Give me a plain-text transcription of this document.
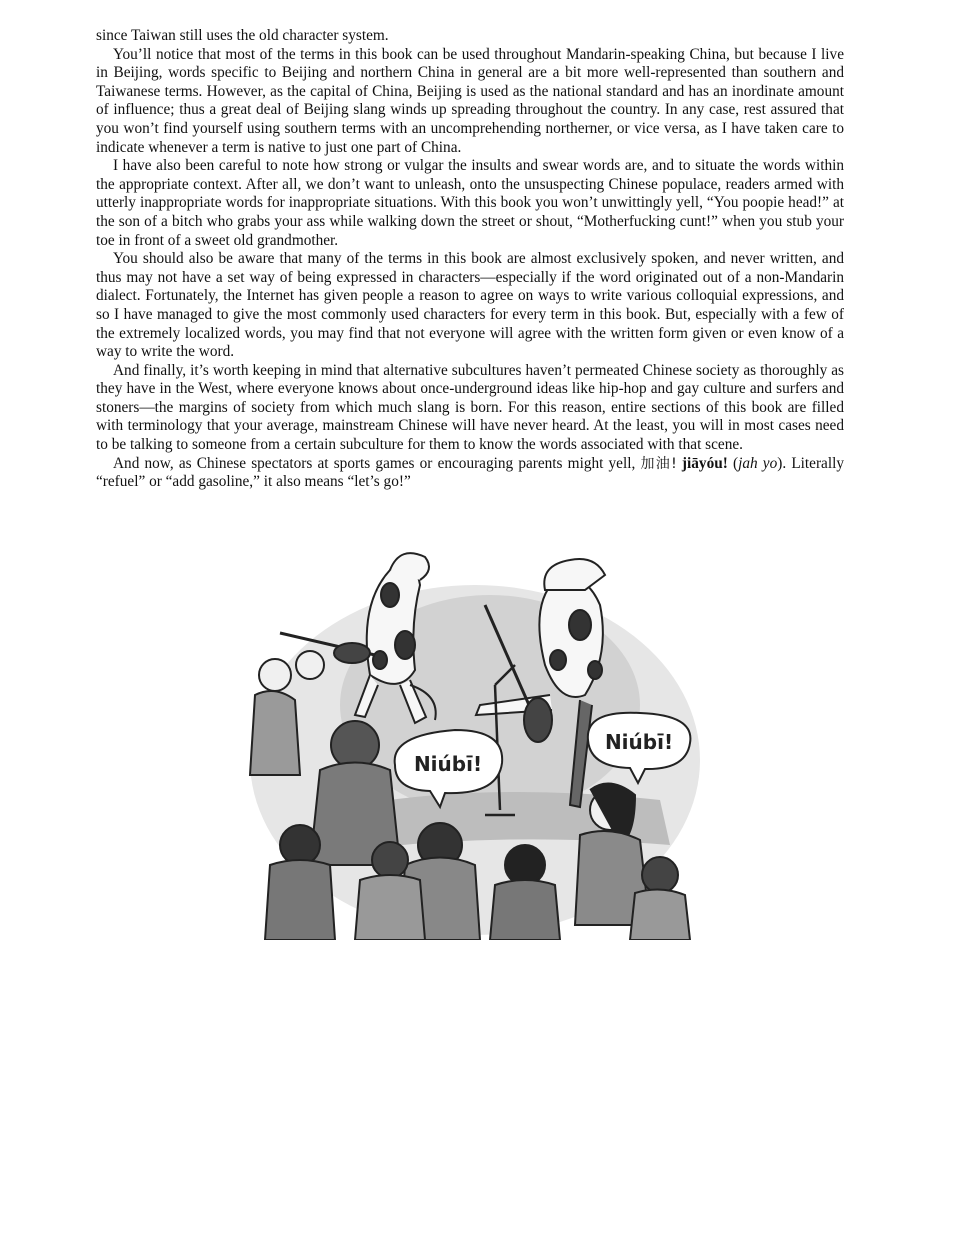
since Taiwan still uses the old character system.

You’ll notice that most of the terms in this book can be used throughout Mandarin-speaking China, but because I live in Beijing, words specific to Beijing and northern China in general are a bit more well-represented than southern and Taiwanese terms. However, as the capital of China, Beijing is used as the national standard and has an inordinate amount of influence; thus a great deal of Beijing slang winds up spreading throughout the country. In any case, rest assured that you won’t find yourself using southern terms with an uncomprehending northerner, or vice versa, as I have taken care to indicate whenever a term is native to just one part of China.

I have also been careful to note how strong or vulgar the insults and swear words are, and to situate the words within the appropriate context. After all, we don’t want to unleash, onto the unsuspecting Chinese populace, readers armed with utterly inappropriate words for inappropriate situations. With this book you won’t unwittingly yell, “You poopie head!” at the son of a bitch who grabs your ass while walking down the street or shout, “Motherfucking cunt!” when you stub your toe in front of a sweet old grandmother.

You should also be aware that many of the terms in this book are almost exclusively spoken, and never written, and thus may not have a set way of being expressed in characters—especially if the word originated out of a non-Mandarin dialect. Fortunately, the Internet has given people a reason to agree on ways to write various colloquial expressions, and so I have managed to give the most commonly used characters for every term in this book. But, especially with a few of the extremely localized words, you may find that not everyone will agree with the written form given or even know of a way to write the word.

And finally, it’s worth keeping in mind that alternative subcultures haven’t permeated Chinese society as thoroughly as they have in the West, where everyone knows about once-underground ideas like hip-hop and gay culture and surfers and stoners—the margins of society from which much slang is born. For this reason, entire sections of this book are filled with terminology that your average, mainstream Chinese will have never heard. At the least, you will in most cases need to be talking to someone from a certain subculture for them to know the words associated with that scene.

And now, as Chinese spectators at sports games or encouraging parents might yell, 加油! jiāyóu! (jah yo). Literally “refuel” or “add gasoline,” it also means “let’s go!”

Niúbī!
Niúbī!
